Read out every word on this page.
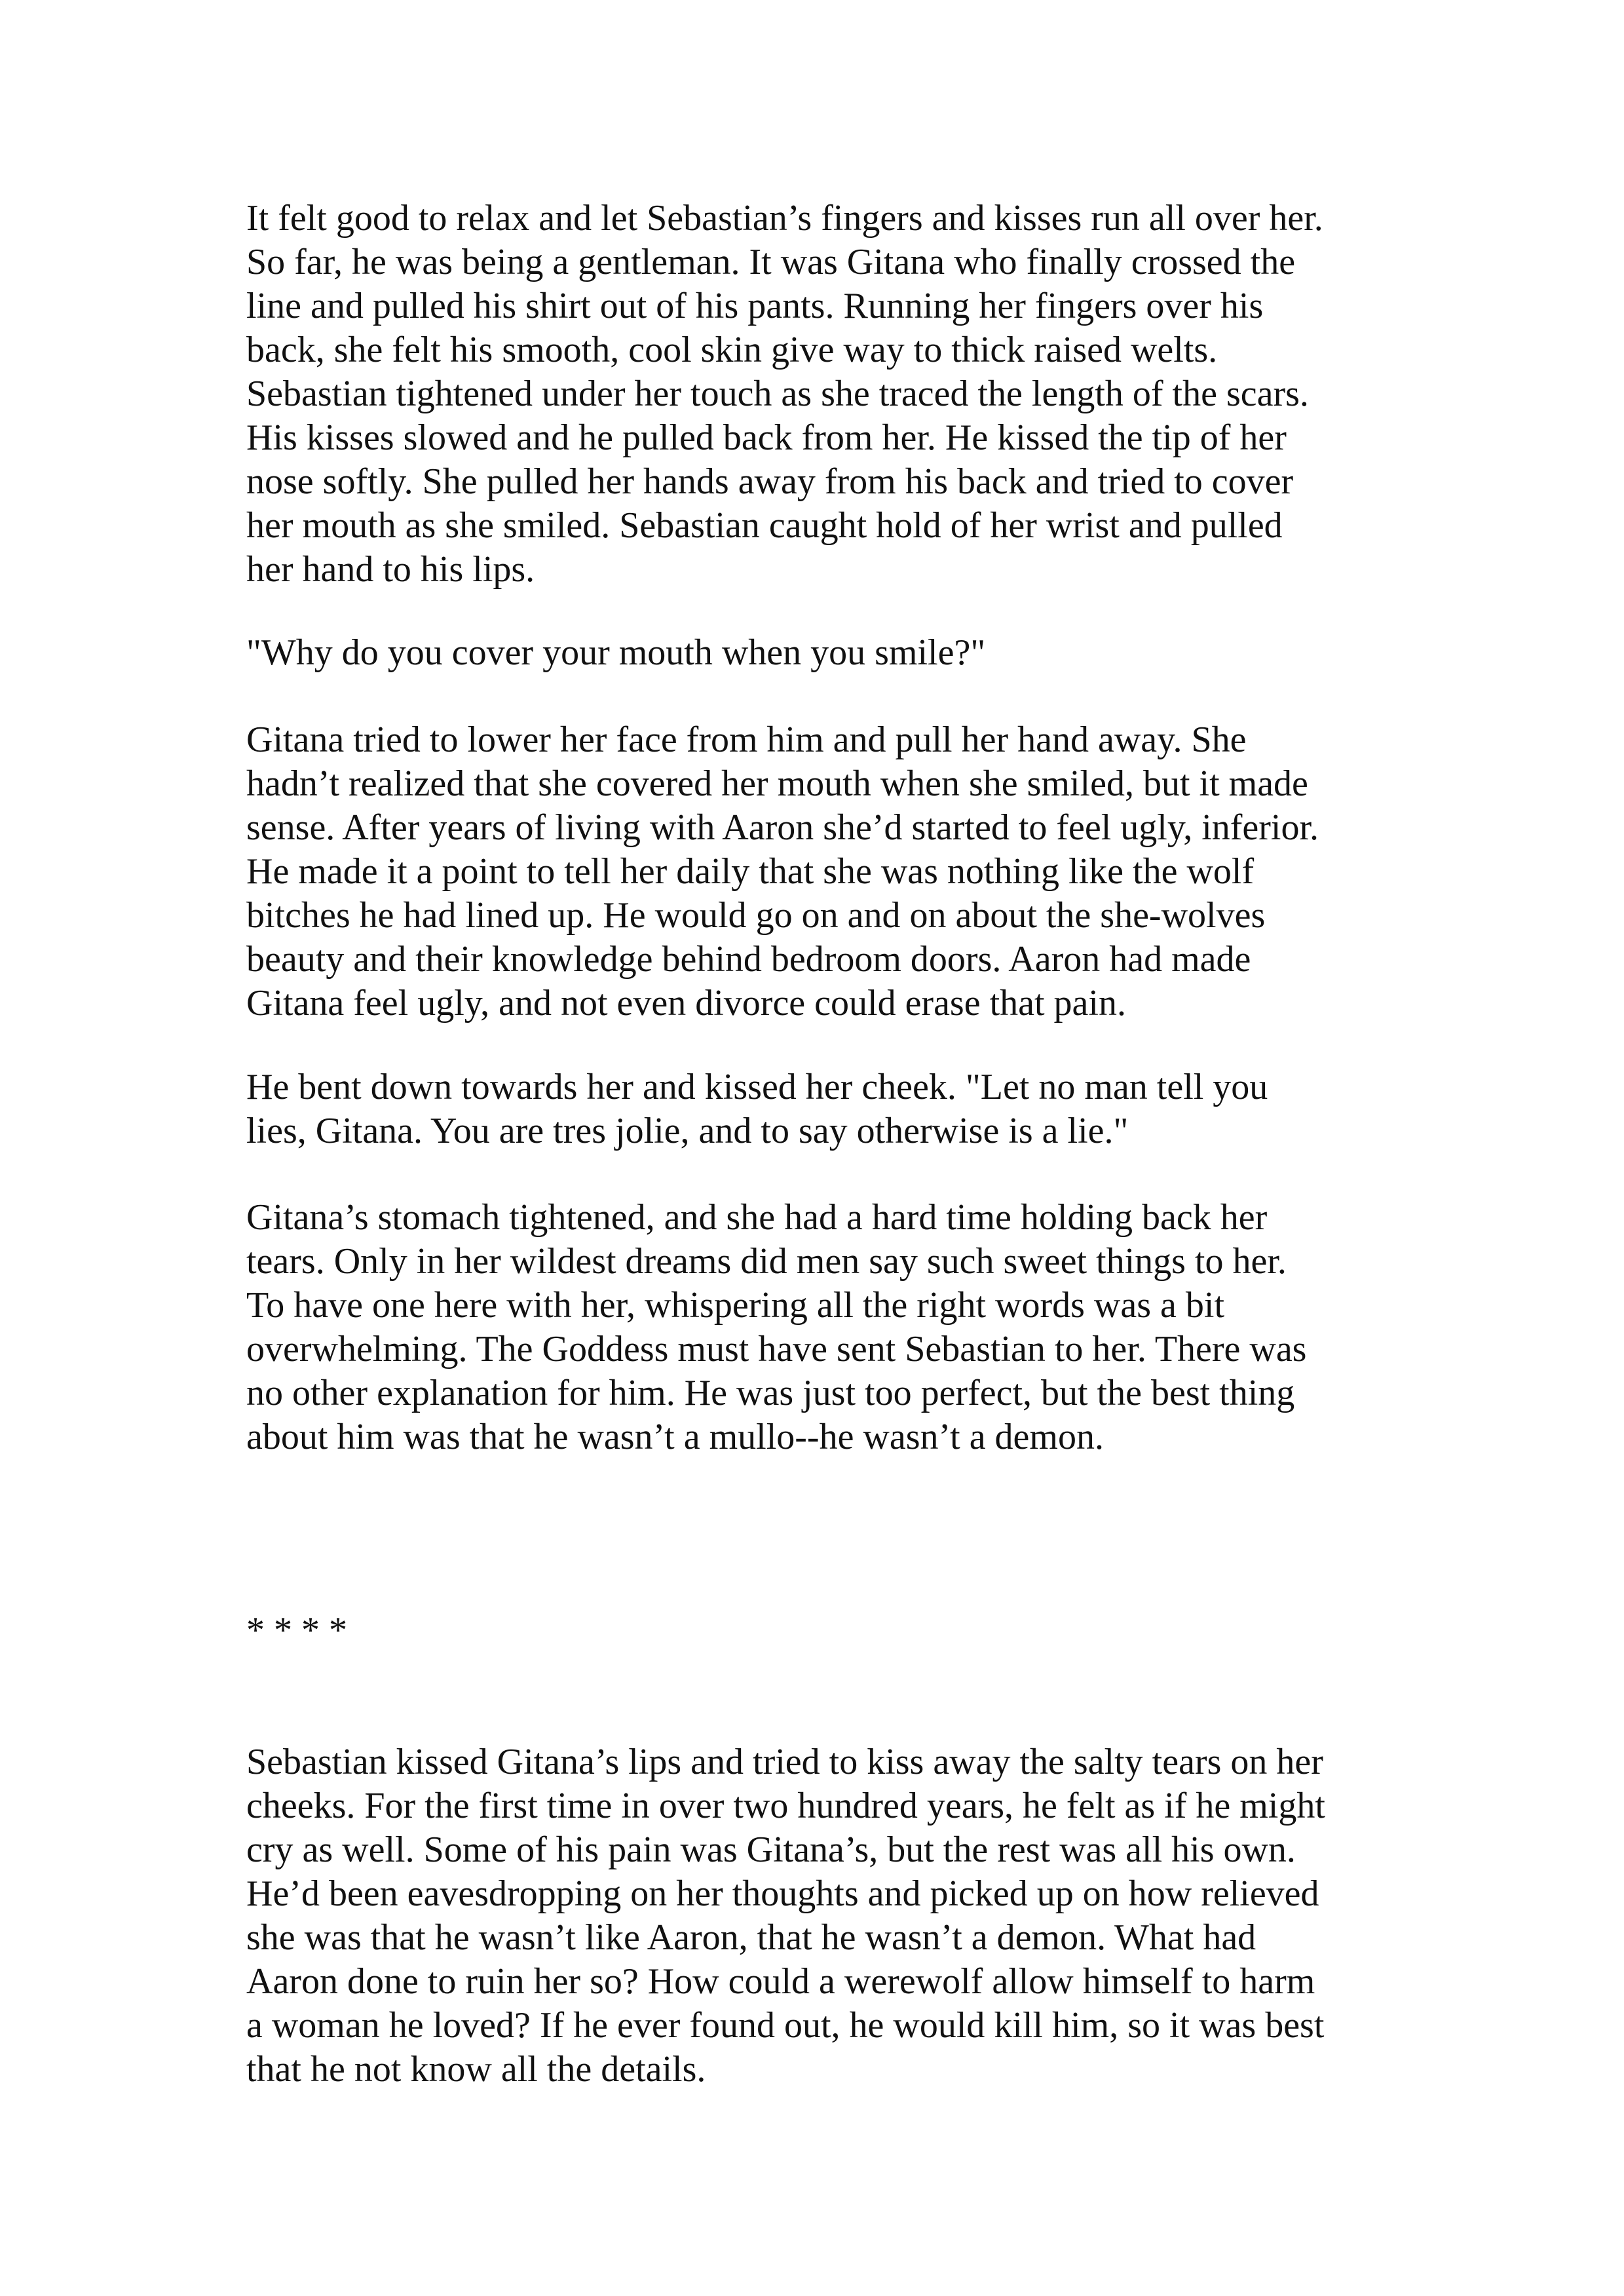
It felt good to relax and let Sebastian’s fingers and kisses run all over her.
So far, he was being a gentleman. It was Gitana who finally crossed the
line and pulled his shirt out of his pants. Running her fingers over his
back, she felt his smooth, cool skin give way to thick raised welts.
Sebastian tightened under her touch as she traced the length of the scars.
His kisses slowed and he pulled back from her. He kissed the tip of her
nose softly. She pulled her hands away from his back and tried to cover
her mouth as she smiled. Sebastian caught hold of her wrist and pulled
her hand to his lips.

"Why do you cover your mouth when you smile?"

Gitana tried to lower her face from him and pull her hand away. She
hadn’t realized that she covered her mouth when she smiled, but it made
sense. After years of living with Aaron she’d started to feel ugly, inferior.
He made it a point to tell her daily that she was nothing like the wolf
bitches he had lined up. He would go on and on about the she-wolves
beauty and their knowledge behind bedroom doors. Aaron had made
Gitana feel ugly, and not even divorce could erase that pain.

He bent down towards her and kissed her cheek. "Let no man tell you
lies, Gitana. You are tres jolie, and to say otherwise is a lie."

Gitana’s stomach tightened, and she had a hard time holding back her
tears. Only in her wildest dreams did men say such sweet things to her.
To have one here with her, whispering all the right words was a bit
overwhelming. The Goddess must have sent Sebastian to her. There was
no other explanation for him. He was just too perfect, but the best thing
about him was that he wasn’t a mullo--he wasn’t a demon.

* * * *

Sebastian kissed Gitana’s lips and tried to kiss away the salty tears on her
cheeks. For the first time in over two hundred years, he felt as if he might
cry as well. Some of his pain was Gitana’s, but the rest was all his own.
He’d been eavesdropping on her thoughts and picked up on how relieved
she was that he wasn’t like Aaron, that he wasn’t a demon. What had
Aaron done to ruin her so? How could a werewolf allow himself to harm
a woman he loved? If he ever found out, he would kill him, so it was best
that he not know all the details.
